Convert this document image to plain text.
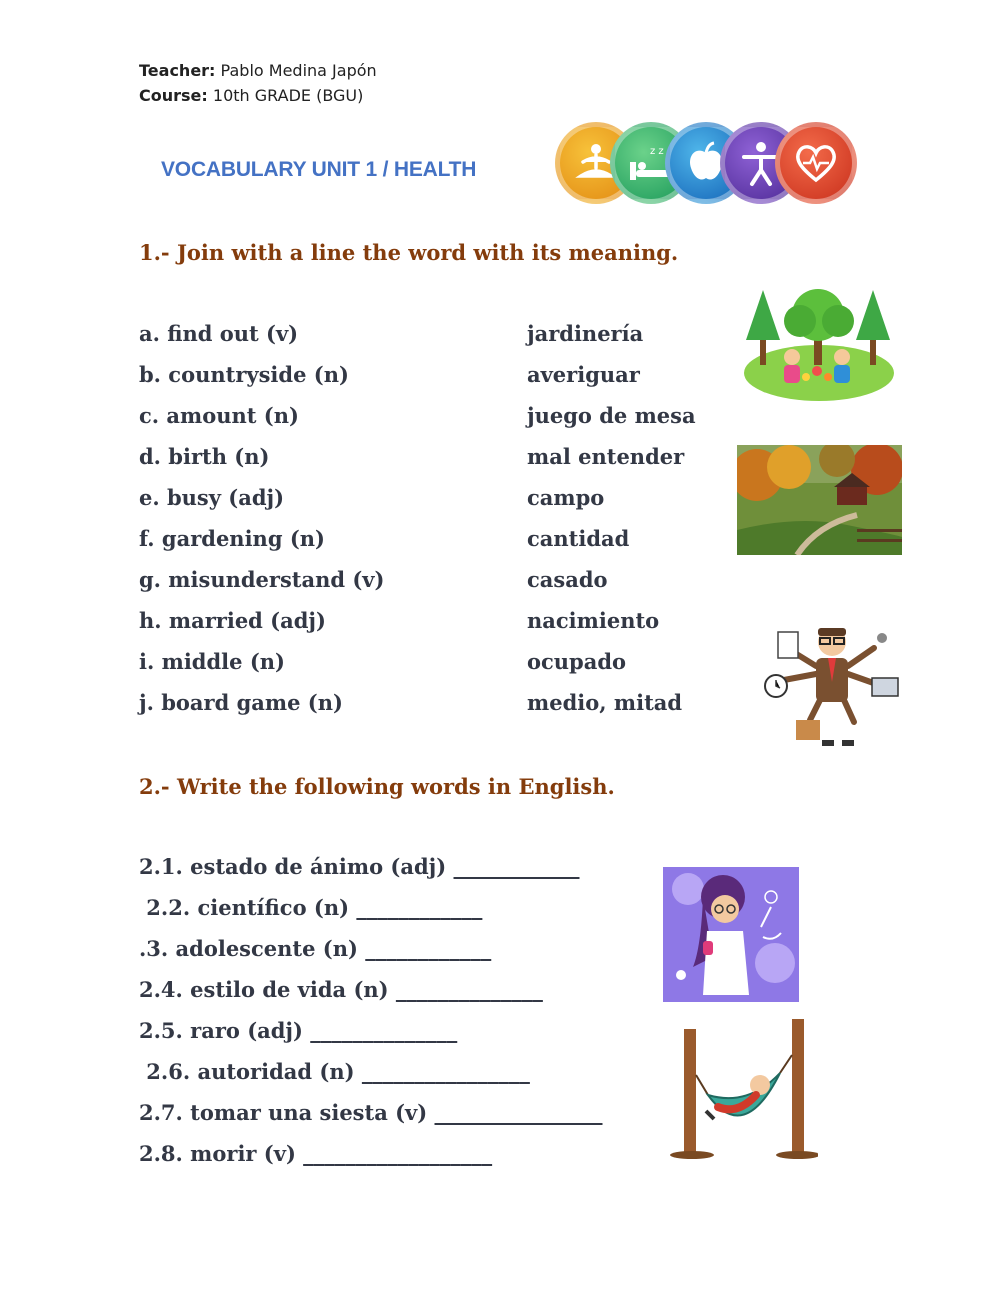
Teacher: Pablo Medina Japón
Course: 10th GRADE (BGU)
VOCABULARY UNIT 1 / HEALTH
z z
1.- Join with a line the word with its meaning.
a. find out (v)
b. countryside (n)
c. amount (n)
d. birth (n)
e. busy (adj)
f. gardening (n)
g. misunderstand (v)
h. married (adj)
i. middle (n)
j. board game (n)
jardinería
averiguar
juego de mesa
mal entender
campo
cantidad
casado
nacimiento
ocupado
medio, mitad
2.- Write the following words in English.
2.1. estado de ánimo (adj) ____________
2.2. científico (n) ____________
.3. adolescente (n) ____________
2.4. estilo de vida (n) ______________
2.5. raro (adj) ______________
2.6. autoridad (n) ________________
2.7. tomar una siesta (v) ________________
2.8. morir (v) __________________
